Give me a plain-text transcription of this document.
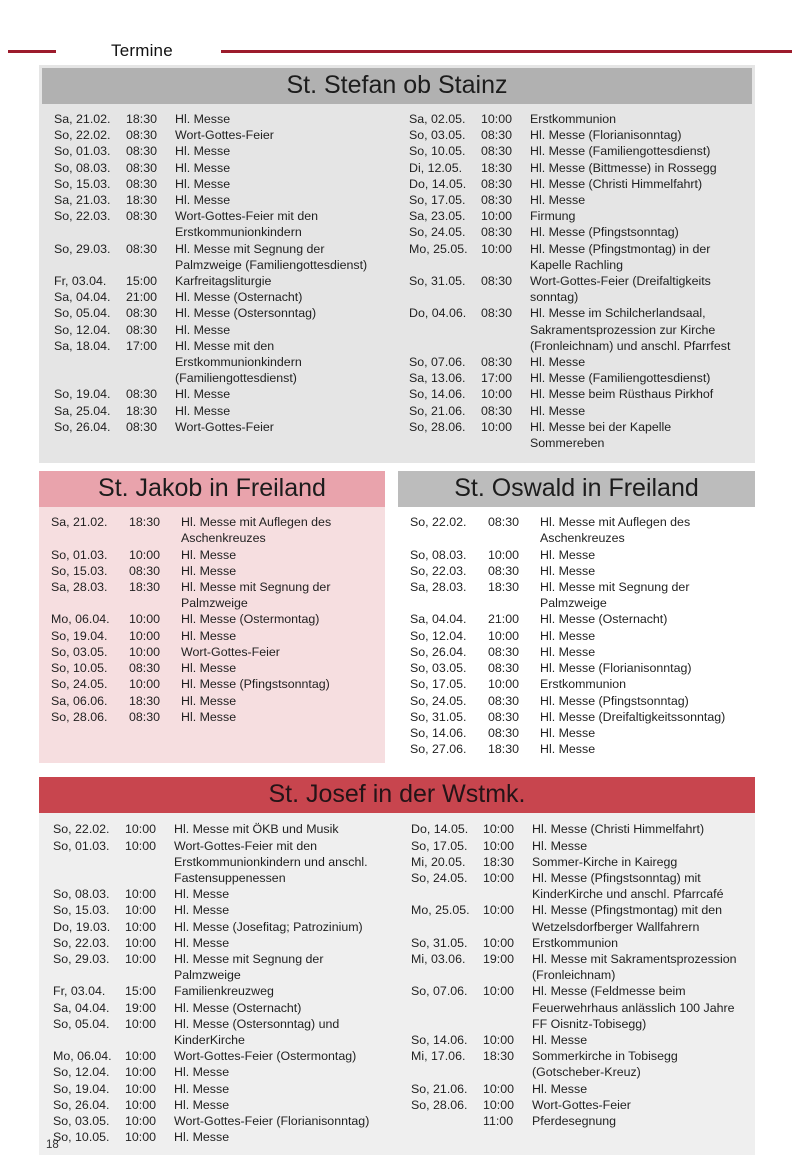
Termine
St. Stefan ob Stainz
Sa, 21.02.	18:30	Hl. Messe
So, 22.02.	08:30	Wort-Gottes-Feier
So, 01.03.	08:30	Hl. Messe
So, 08.03.	08:30	Hl. Messe
So, 15.03.	08:30	Hl. Messe
Sa, 21.03.	18:30	Hl. Messe
So, 22.03.	08:30	Wort-Gottes-Feier mit den Erstkommunionkindern
So, 29.03.	08:30	Hl. Messe mit Segnung der Palmzweige (Familiengottesdienst)
Fr, 03.04.	15:00	Karfreitagsliturgie
Sa, 04.04.	21:00	Hl. Messe (Osternacht)
So, 05.04.	08:30	Hl. Messe (Ostersonntag)
So, 12.04.	08:30	Hl. Messe
Sa, 18.04.	17:00	Hl. Messe mit den Erstkommunionkindern (Familiengottesdienst)
So, 19.04.	08:30	Hl. Messe
Sa, 25.04.	18:30	Hl. Messe
So, 26.04.	08:30	Wort-Gottes-Feier
Sa, 02.05.	10:00	Erstkommunion
So, 03.05.	08:30	Hl. Messe (Florianisonntag)
So, 10.05.	08:30	Hl. Messe (Familiengottesdienst)
Di, 12.05.	18:30	Hl. Messe (Bittmesse) in Rossegg
Do, 14.05.	08:30	Hl. Messe (Christi Himmelfahrt)
So, 17.05.	08:30	Hl. Messe
Sa, 23.05.	10:00	Firmung
So, 24.05.	08:30	Hl. Messe (Pfingstsonntag)
Mo, 25.05.	10:00	Hl. Messe (Pfingstmontag) in der Kapelle Rachling
So, 31.05.	08:30	Wort-Gottes-Feier (Dreifaltigkeits sonntag)
Do, 04.06.	08:30	Hl. Messe im Schilcherlandsaal, Sakramentsprozession zur Kirche (Fronleichnam) und anschl. Pfarrfest
So, 07.06.	08:30	Hl. Messe
Sa, 13.06.	17:00	Hl. Messe (Familiengottesdienst)
So, 14.06.	10:00	Hl. Messe beim Rüsthaus Pirkhof
So, 21.06.	08:30	Hl. Messe
So, 28.06.	10:00	Hl. Messe bei der Kapelle Sommereben
St. Jakob in Freiland
Sa, 21.02.	18:30	Hl. Messe mit Auflegen des Aschenkreuzes
So, 01.03.	10:00	Hl. Messe
So, 15.03.	08:30	Hl. Messe
Sa, 28.03.	18:30	Hl. Messe mit Segnung der Palmzweige
Mo, 06.04.	10:00	Hl. Messe (Ostermontag)
So, 19.04.	10:00	Hl. Messe
So, 03.05.	10:00	Wort-Gottes-Feier
So, 10.05.	08:30	Hl. Messe
So, 24.05.	10:00	Hl. Messe (Pfingstsonntag)
Sa, 06.06.	18:30	Hl. Messe
So, 28.06.	08:30	Hl. Messe
St. Oswald in Freiland
So, 22.02.	08:30	Hl. Messe mit Auflegen des Aschenkreuzes
So, 08.03.	10:00	Hl. Messe
So, 22.03.	08:30	Hl. Messe
Sa, 28.03.	18:30	Hl. Messe mit Segnung der Palmzweige
Sa, 04.04.	21:00	Hl. Messe (Osternacht)
So, 12.04.	10:00	Hl. Messe
So, 26.04.	08:30	Hl. Messe
So, 03.05.	08:30	Hl. Messe (Florianisonntag)
So, 17.05.	10:00	Erstkommunion
So, 24.05.	08:30	Hl. Messe (Pfingstsonntag)
So, 31.05.	08:30	Hl. Messe (Dreifaltigkeitssonntag)
So, 14.06.	08:30	Hl. Messe
So, 27.06.	18:30	Hl. Messe
St. Josef in der Wstmk.
So, 22.02.	10:00	Hl. Messe mit ÖKB und Musik
So, 01.03.	10:00	Wort-Gottes-Feier mit den Erstkommunionkindern und anschl. Fastensuppenessen
So, 08.03.	10:00	Hl. Messe
So, 15.03.	10:00	Hl. Messe
Do, 19.03.	10:00	Hl. Messe (Josefitag; Patrozinium)
So, 22.03.	10:00	Hl. Messe
So, 29.03.	10:00	Hl. Messe mit Segnung der Palmzweige
Fr, 03.04.	15:00	Familienkreuzweg
Sa, 04.04.	19:00	Hl. Messe (Osternacht)
So, 05.04.	10:00	Hl. Messe (Ostersonntag) und KinderKirche
Mo, 06.04.	10:00	Wort-Gottes-Feier (Ostermontag)
So, 12.04.	10:00	Hl. Messe
So, 19.04.	10:00	Hl. Messe
So, 26.04.	10:00	Hl. Messe
So, 03.05.	10:00	Wort-Gottes-Feier (Florianisonntag)
So, 10.05.	10:00	Hl. Messe
Do, 14.05.	10:00	Hl. Messe (Christi Himmelfahrt)
So, 17.05.	10:00	Hl. Messe
Mi, 20.05.	18:30	Sommer-Kirche in Kairegg
So, 24.05.	10:00	Hl. Messe (Pfingstsonntag) mit KinderKirche und anschl. Pfarrcafé
Mo, 25.05.	10:00	Hl. Messe (Pfingstmontag) mit den Wetzelsdorfberger Wallfahrern
So, 31.05.	10:00	Erstkommunion
Mi, 03.06.	19:00	Hl. Messe mit Sakramentsprozession (Fronleichnam)
So, 07.06.	10:00	Hl. Messe (Feldmesse beim Feuerwehrhaus anlässlich 100 Jahre FF Oisnitz-Tobisegg)
So, 14.06.	10:00	Hl. Messe
Mi, 17.06.	18:30	Sommerkirche in Tobisegg (Gotscheber-Kreuz)
So, 21.06.	10:00	Hl. Messe
So, 28.06.	10:00	Wort-Gottes-Feier
11:00	Pferdesegnung
18
